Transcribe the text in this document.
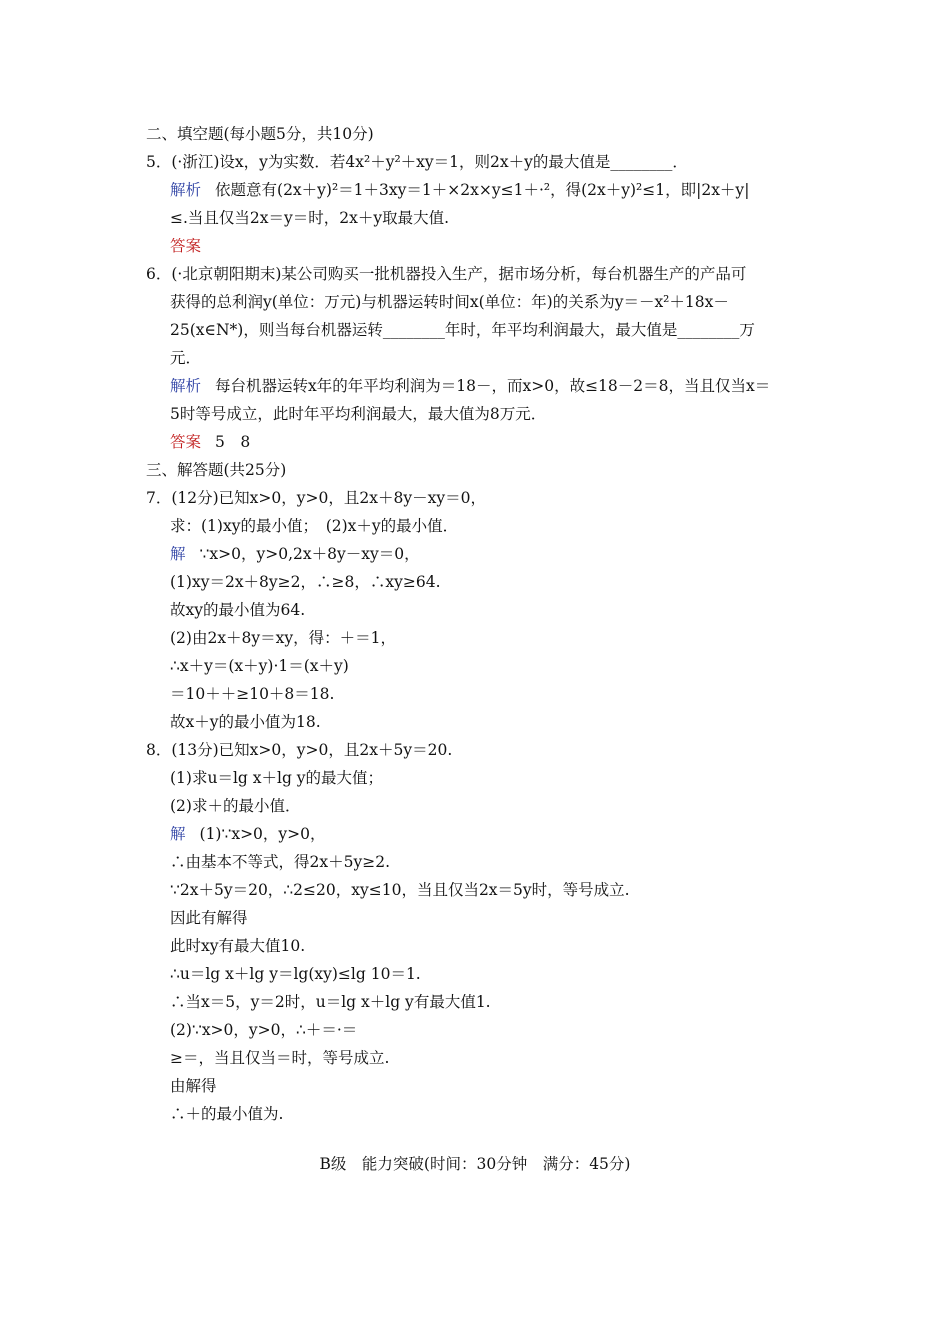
二、填空题(每小题5分，共10分)
5．(·浙江)设x，y为实数．若4x²＋y²＋xy＝1，则2x＋y的最大值是________．
解析 依题意有(2x＋y)²＝1＋3xy＝1＋×2x×y≤1＋·²，得(2x＋y)²≤1，即|2x＋y|
≤.当且仅当2x＝y＝时，2x＋y取最大值.
答案
6．(·北京朝阳期末)某公司购买一批机器投入生产，据市场分析，每台机器生产的产品可
获得的总利润y(单位：万元)与机器运转时间x(单位：年)的关系为y＝－x²＋18x－
25(x∈N*)，则当每台机器运转________年时，年平均利润最大，最大值是________万
元．
解析 每台机器运转x年的年平均利润为＝18－，而x>0，故≤18－2＝8，当且仅当x＝
5时等号成立，此时年平均利润最大，最大值为8万元．
答案 5　8
三、解答题(共25分)
7．(12分)已知x>0，y>0，且2x＋8y－xy＝0，
求：(1)xy的最小值；　(2)x＋y的最小值．
解 ∵x>0，y>0,2x＋8y－xy＝0，
(1)xy＝2x＋8y≥2，∴≥8，∴xy≥64.
故xy的最小值为64.
(2)由2x＋8y＝xy，得：＋＝1，
∴x＋y＝(x＋y)·1＝(x＋y)
＝10＋＋≥10＋8＝18.
故x＋y的最小值为18.
8．(13分)已知x>0，y>0，且2x＋5y＝20.
(1)求u＝lg x＋lg y的最大值；
(2)求＋的最小值．
解 (1)∵x>0，y>0，
∴由基本不等式，得2x＋5y≥2.
∵2x＋5y＝20，∴2≤20，xy≤10，当且仅当2x＝5y时，等号成立.
因此有解得
此时xy有最大值10.
∴u＝lg x＋lg y＝lg(xy)≤lg 10＝1.
∴当x＝5，y＝2时，u＝lg x＋lg y有最大值1.
(2)∵x>0，y>0，∴＋＝·＝
≥＝，当且仅当＝时，等号成立.
由解得
∴＋的最小值为.
B级　能力突破(时间：30分钟　满分：45分)
